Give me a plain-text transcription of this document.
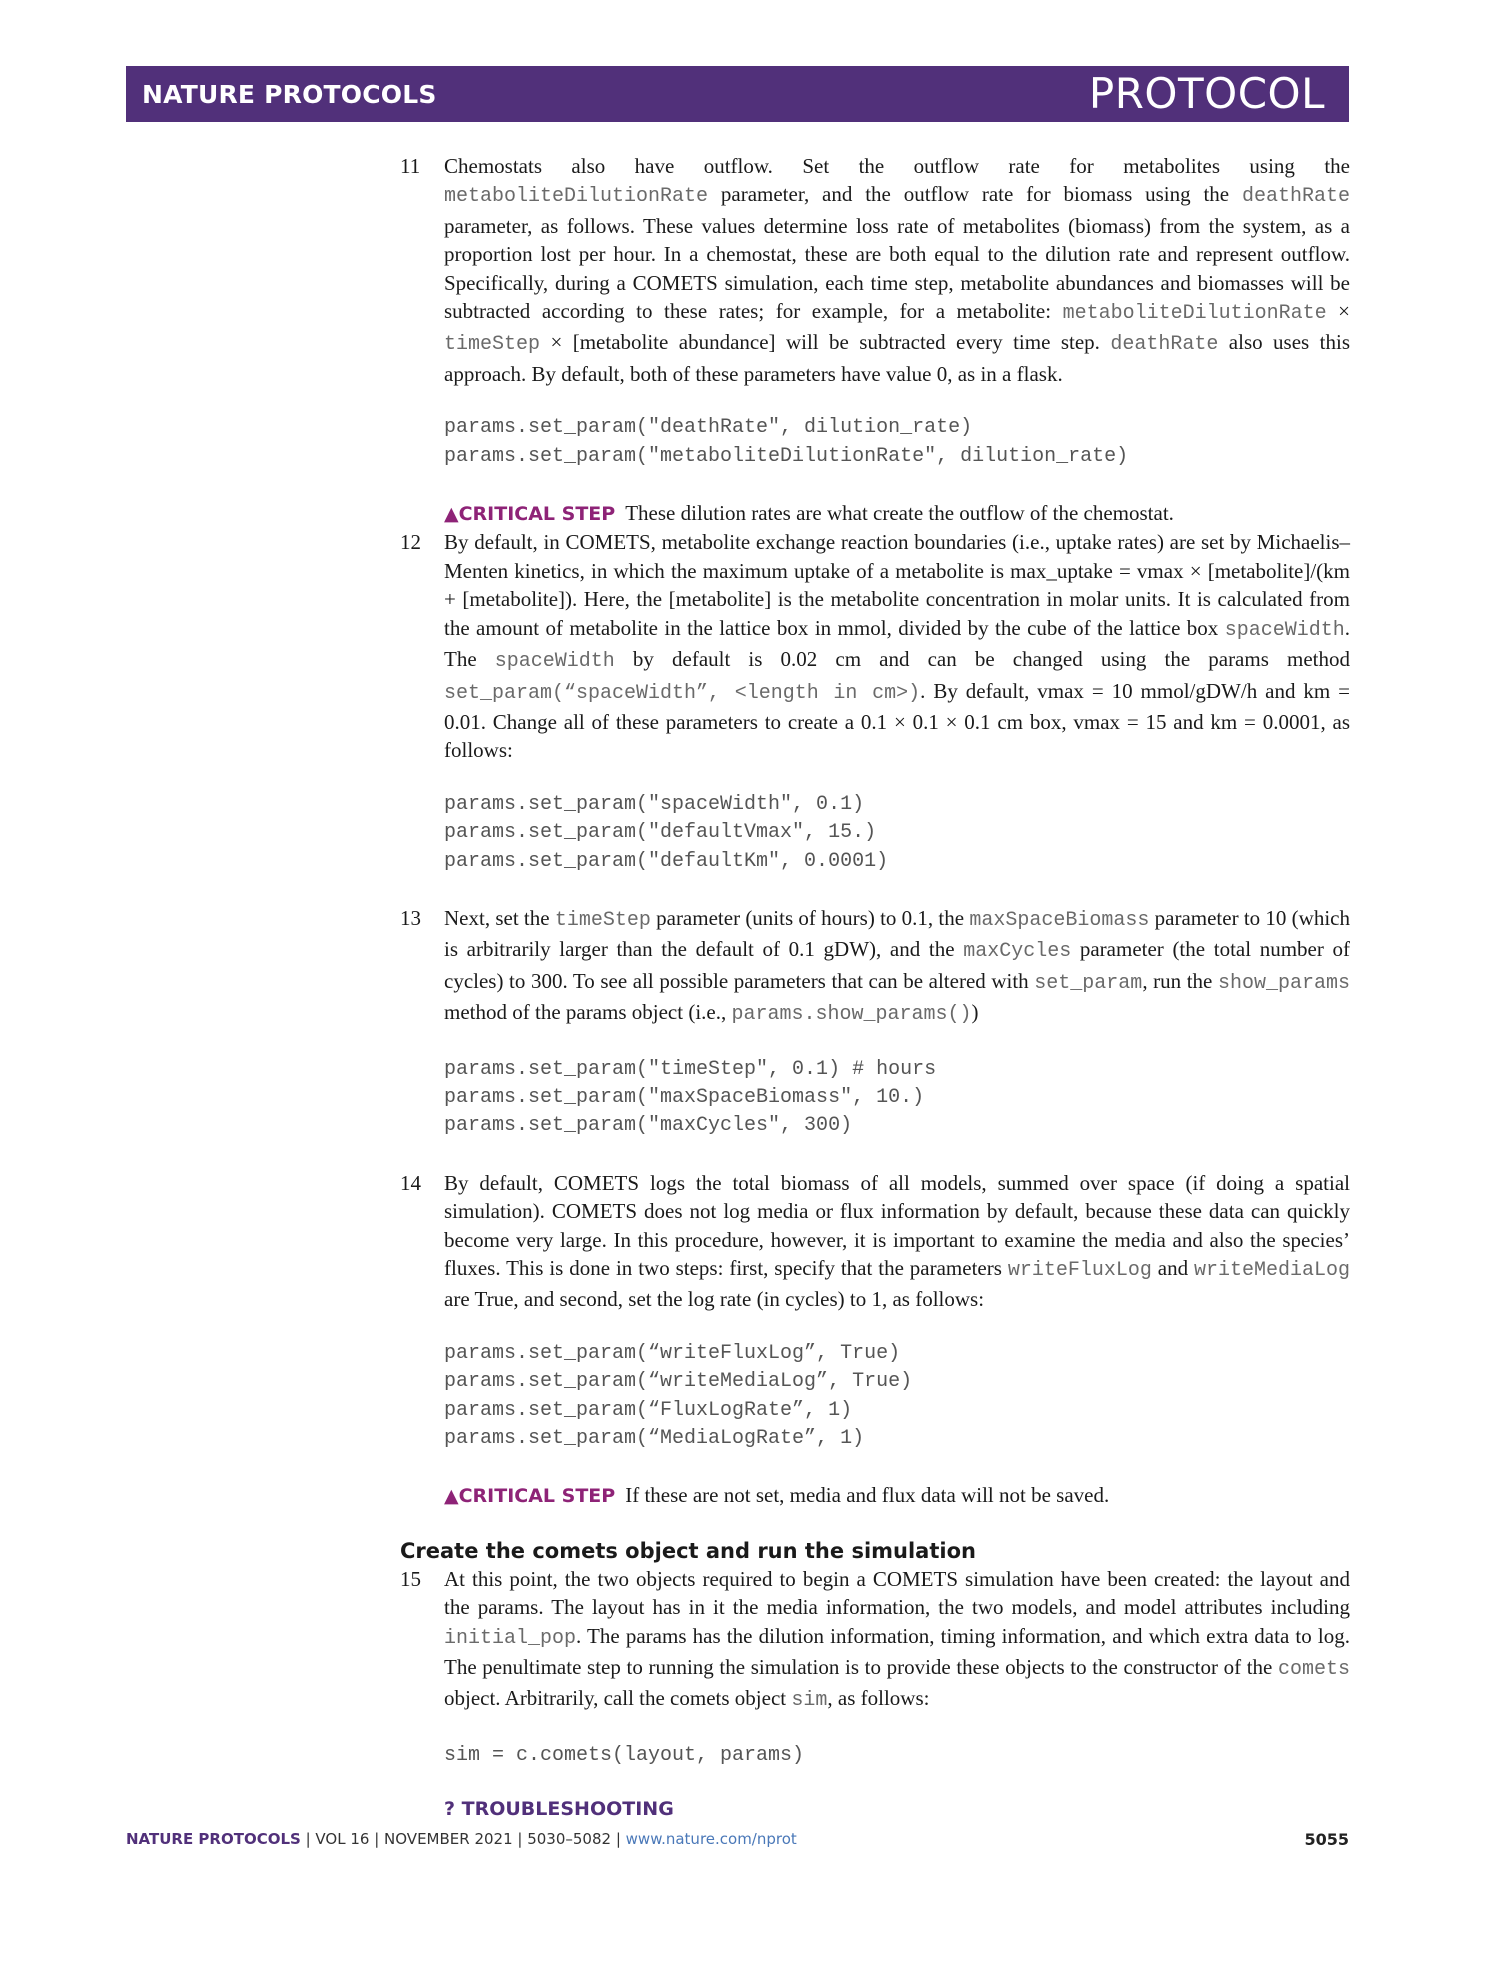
NATURE PROTOCOLS	PROTOCOL
11 Chemostats also have outflow. Set the outflow rate for metabolites using the metaboliteDilutionRate parameter, and the outflow rate for biomass using the deathRate parameter, as follows. These values determine loss rate of metabolites (biomass) from the system, as a proportion lost per hour. In a chemostat, these are both equal to the dilution rate and represent outflow. Specifically, during a COMETS simulation, each time step, metabolite abundances and biomasses will be subtracted according to these rates; for example, for a metabolite: metaboliteDilutionRate × timeStep × [metabolite abundance] will be subtracted every time step. deathRate also uses this approach. By default, both of these parameters have value 0, as in a flask.
params.set_param("deathRate", dilution_rate)
params.set_param("metaboliteDilutionRate", dilution_rate)
▲CRITICAL STEP These dilution rates are what create the outflow of the chemostat.
12 By default, in COMETS, metabolite exchange reaction boundaries (i.e., uptake rates) are set by Michaelis–Menten kinetics, in which the maximum uptake of a metabolite is max_uptake = vmax × [metabolite]/(km + [metabolite]). Here, the [metabolite] is the metabolite concentration in molar units. It is calculated from the amount of metabolite in the lattice box in mmol, divided by the cube of the lattice box spaceWidth. The spaceWidth by default is 0.02 cm and can be changed using the params method set_param(“spaceWidth”, <length in cm>). By default, vmax = 10 mmol/gDW/h and km = 0.01. Change all of these parameters to create a 0.1 × 0.1 × 0.1 cm box, vmax = 15 and km = 0.0001, as follows:
params.set_param("spaceWidth", 0.1)
params.set_param("defaultVmax", 15.)
params.set_param("defaultKm", 0.0001)
13 Next, set the timeStep parameter (units of hours) to 0.1, the maxSpaceBiomass parameter to 10 (which is arbitrarily larger than the default of 0.1 gDW), and the maxCycles parameter (the total number of cycles) to 300. To see all possible parameters that can be altered with set_param, run the show_params method of the params object (i.e., params.show_params())
params.set_param("timeStep", 0.1) # hours
params.set_param("maxSpaceBiomass", 10.)
params.set_param("maxCycles", 300)
14 By default, COMETS logs the total biomass of all models, summed over space (if doing a spatial simulation). COMETS does not log media or flux information by default, because these data can quickly become very large. In this procedure, however, it is important to examine the media and also the species’ fluxes. This is done in two steps: first, specify that the parameters writeFluxLog and writeMediaLog are True, and second, set the log rate (in cycles) to 1, as follows:
params.set_param(“writeFluxLog”, True)
params.set_param(“writeMediaLog”, True)
params.set_param(“FluxLogRate”, 1)
params.set_param(“MediaLogRate”, 1)
▲CRITICAL STEP If these are not set, media and flux data will not be saved.
Create the comets object and run the simulation
15 At this point, the two objects required to begin a COMETS simulation have been created: the layout and the params. The layout has in it the media information, the two models, and model attributes including initial_pop. The params has the dilution information, timing information, and which extra data to log. The penultimate step to running the simulation is to provide these objects to the constructor of the comets object. Arbitrarily, call the comets object sim, as follows:
sim = c.comets(layout, params)
? TROUBLESHOOTING
NATURE PROTOCOLS | VOL 16 | NOVEMBER 2021 | 5030–5082 | www.nature.com/nprot	5055
